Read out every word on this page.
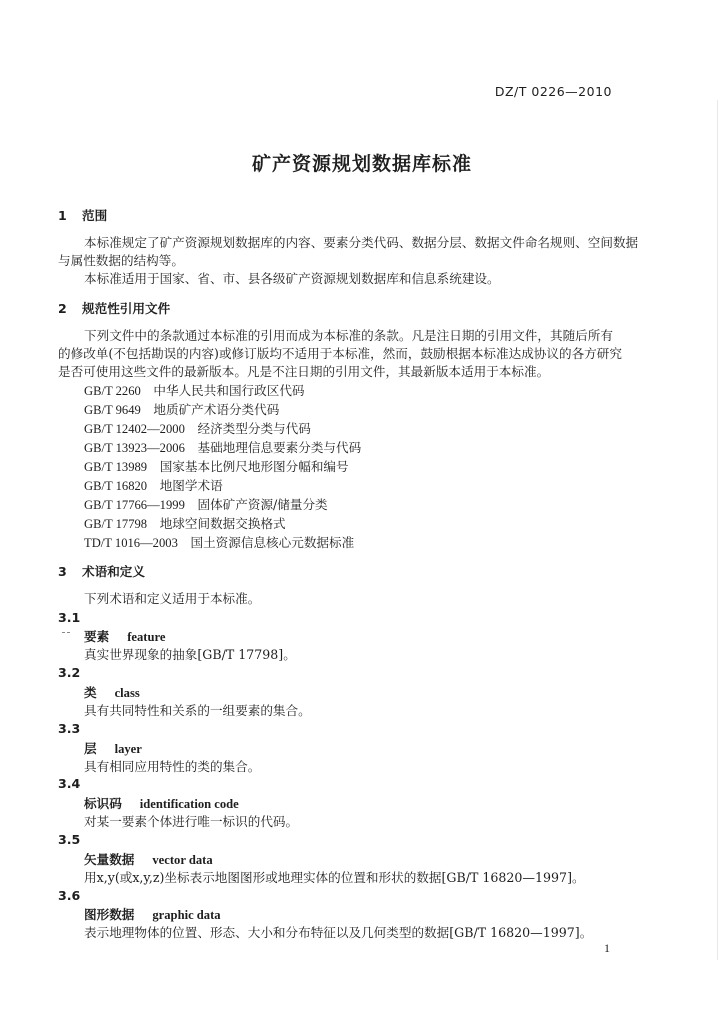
DZ/T 0226—2010
矿产资源规划数据库标准
1 范围
本标准规定了矿产资源规划数据库的内容、要素分类代码、数据分层、数据文件命名规则、空间数据
与属性数据的结构等。
本标准适用于国家、省、市、县各级矿产资源规划数据库和信息系统建设。
2 规范性引用文件
下列文件中的条款通过本标准的引用而成为本标准的条款。凡是注日期的引用文件，其随后所有
的修改单(不包括勘误的内容)或修订版均不适用于本标准，然而，鼓励根据本标准达成协议的各方研究
是否可使用这些文件的最新版本。凡是不注日期的引用文件，其最新版本适用于本标准。
GB/T 2260  中华人民共和国行政区代码
GB/T 9649  地质矿产术语分类代码
GB/T 12402—2000  经济类型分类与代码
GB/T 13923—2006  基础地理信息要素分类与代码
GB/T 13989  国家基本比例尺地形图分幅和编号
GB/T 16820  地图学术语
GB/T 17766—1999  固体矿产资源/储量分类
GB/T 17798  地球空间数据交换格式
TD/T 1016—2003  国土资源信息核心元数据标准
3 术语和定义
下列术语和定义适用于本标准。
3.1
要素 feature
真实世界现象的抽象[GB/T 17798]。
3.2
类 class
具有共同特性和关系的一组要素的集合。
3.3
层 layer
具有相同应用特性的类的集合。
3.4
标识码 identification code
对某一要素个体进行唯一标识的代码。
3.5
矢量数据 vector data
用x,y(或x,y,z)坐标表示地图图形或地理实体的位置和形状的数据[GB/T 16820—1997]。
3.6
图形数据 graphic data
表示地理物体的位置、形态、大小和分布特征以及几何类型的数据[GB/T 16820—1997]。
1
